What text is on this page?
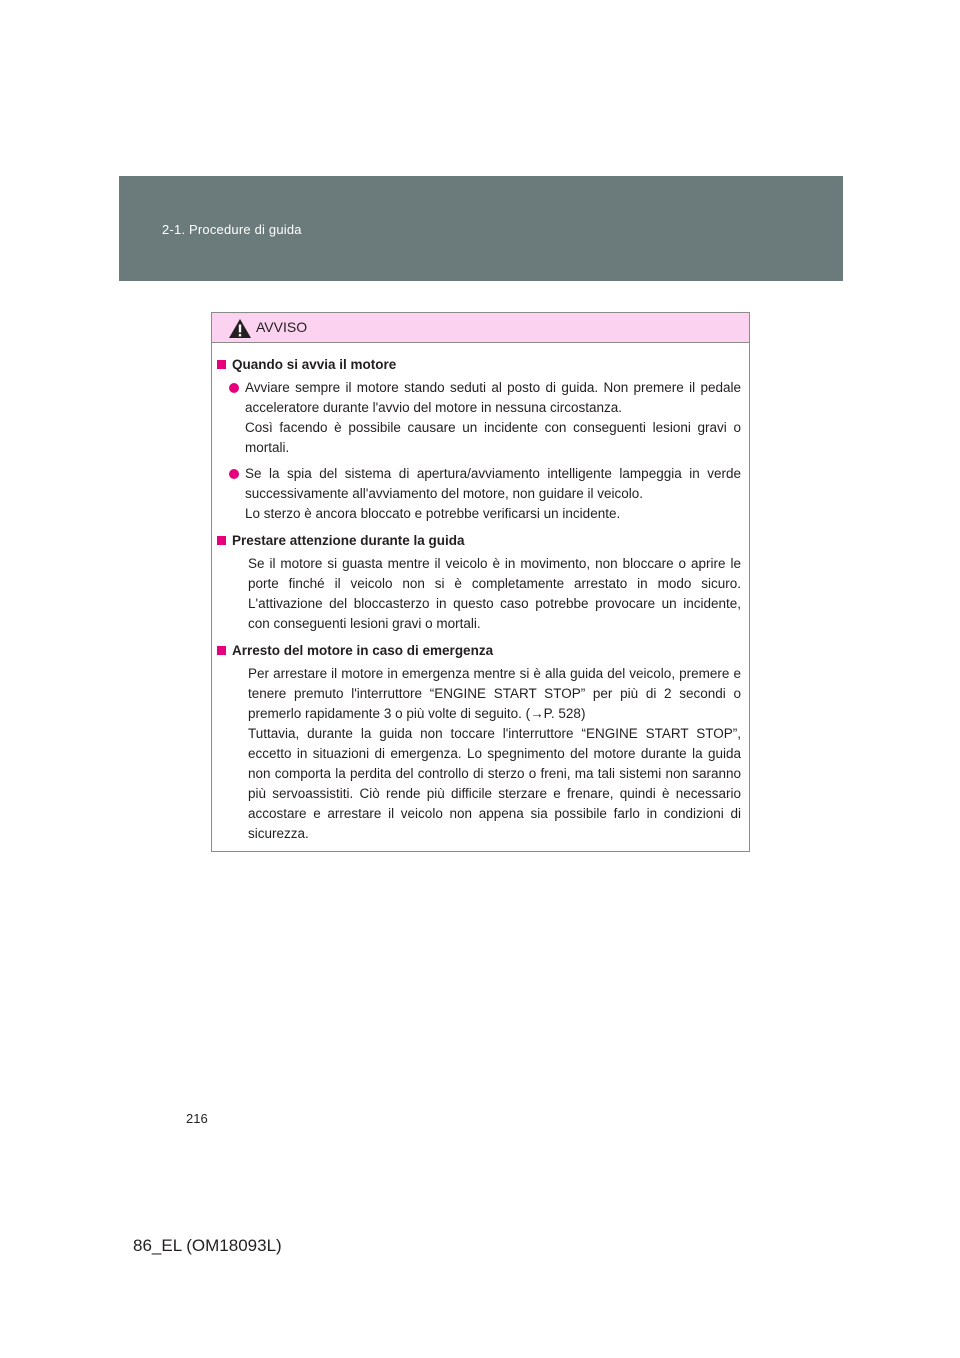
2-1. Procedure di guida
AVVISO
Quando si avvia il motore

Avviare sempre il motore stando seduti al posto di guida. Non premere il pedale acceleratore durante l'avvio del motore in nessuna circostanza.

Così facendo è possibile causare un incidente con conseguenti lesioni gravi o mortali.

Se la spia del sistema di apertura/avviamento intelligente lampeggia in verde successivamente all'avviamento del motore, non guidare il veicolo.

Lo sterzo è ancora bloccato e potrebbe verificarsi un incidente.

Prestare attenzione durante la guida

Se il motore si guasta mentre il veicolo è in movimento, non bloccare o aprire le porte finché il veicolo non si è completamente arrestato in modo sicuro. L'attivazione del bloccasterzo in questo caso potrebbe provocare un incidente, con conseguenti lesioni gravi o mortali.

Arresto del motore in caso di emergenza

Per arrestare il motore in emergenza mentre si è alla guida del veicolo, premere e tenere premuto l'interruttore “ENGINE START STOP” per più di 2 secondi o premerlo rapidamente 3 o più volte di seguito. (→P. 528)

Tuttavia, durante la guida non toccare l'interruttore “ENGINE START STOP”, eccetto in situazioni di emergenza. Lo spegnimento del motore durante la guida non comporta la perdita del controllo di sterzo o freni, ma tali sistemi non saranno più servoassistiti. Ciò rende più difficile sterzare e frenare, quindi è necessario accostare e arrestare il veicolo non appena sia possibile farlo in condizioni di sicurezza.

216
86_EL (OM18093L)
